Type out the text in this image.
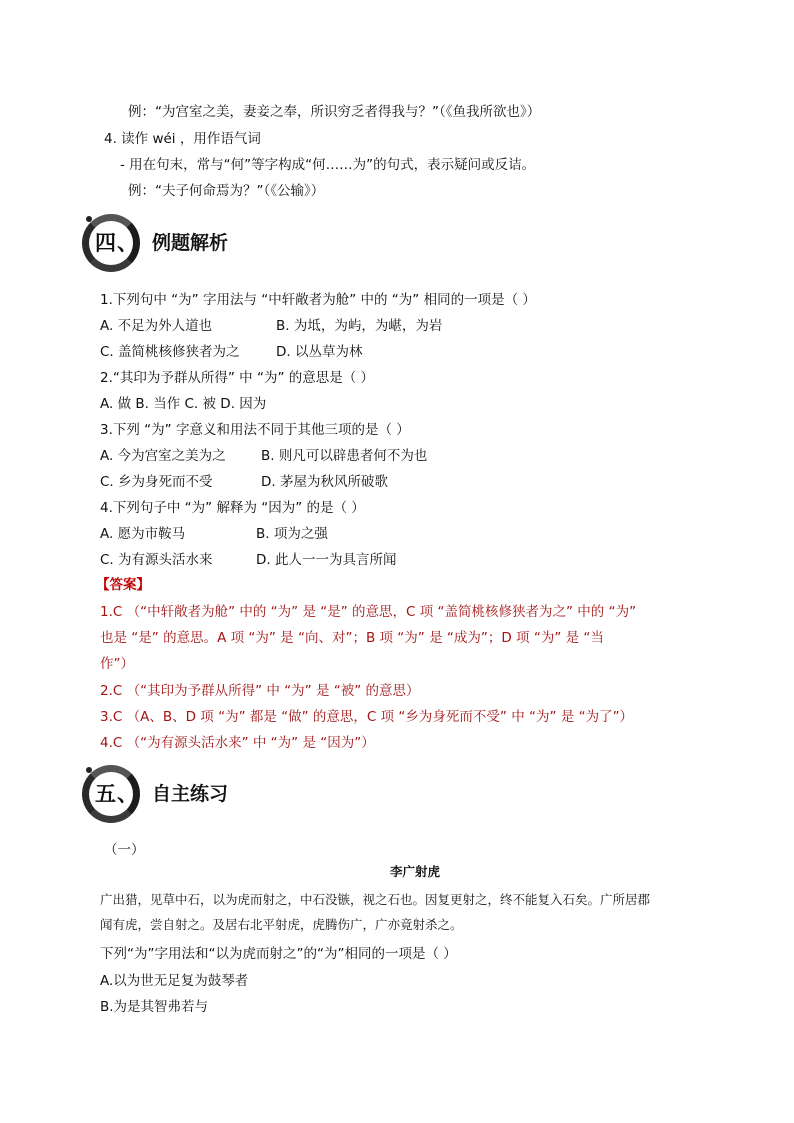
例：“为宫室之美，妻妾之奉，所识穷乏者得我与？”（《鱼我所欲也》）
4. 读作 wéi ，用作语气词
- 用在句末，常与“何”等字构成“何……为”的句式，表示疑问或反诘。
例：“夫子何命焉为？”（《公输》）
四、 例题解析
1.下列句中 “为” 字用法与 “中轩敞者为舱” 中的 “为” 相同的一项是（ ）
A. 不足为外人道也	B. 为坻，为屿，为嵁，为岩
C. 盖简桃核修狭者为之	D. 以丛草为林
2.“其印为予群从所得” 中 “为” 的意思是（ ）
A. 做 B. 当作 C. 被 D. 因为
3.下列 “为” 字意义和用法不同于其他三项的是（ ）
A. 今为宫室之美为之	B. 则凡可以辟患者何不为也
C. 乡为身死而不受	D. 茅屋为秋风所破歌
4.下列句子中 “为” 解释为 “因为” 的是（ ）
A. 愿为市鞍马	B. 项为之强
C. 为有源头活水来	D. 此人一一为具言所闻
【答案】
1.C （“中轩敞者为舱” 中的 “为” 是 “是” 的意思，C 项 “盖简桃核修狭者为之” 中的 “为”
也是 “是” 的意思。A 项 “为” 是 “向、对”；B 项 “为” 是 “成为”；D 项 “为” 是 “当
作”）
2.C （“其印为予群从所得” 中 “为” 是 “被” 的意思）
3.C （A、B、D 项 “为” 都是 “做” 的意思，C 项 “乡为身死而不受” 中 “为” 是 “为了”）
4.C （“为有源头活水来” 中 “为” 是 “因为”）
五、 自主练习
（一）
李广射虎
广出猎，见草中石，以为虎而射之，中石没镞，视之石也。因复更射之，终不能复入石矣。广所居郡
闻有虎，尝自射之。及居右北平射虎，虎腾伤广，广亦竟射杀之。
下列“为”字用法和“以为虎而射之”的“为”相同的一项是（ ）
A.以为世无足复为鼓琴者
B.为是其智弗若与
